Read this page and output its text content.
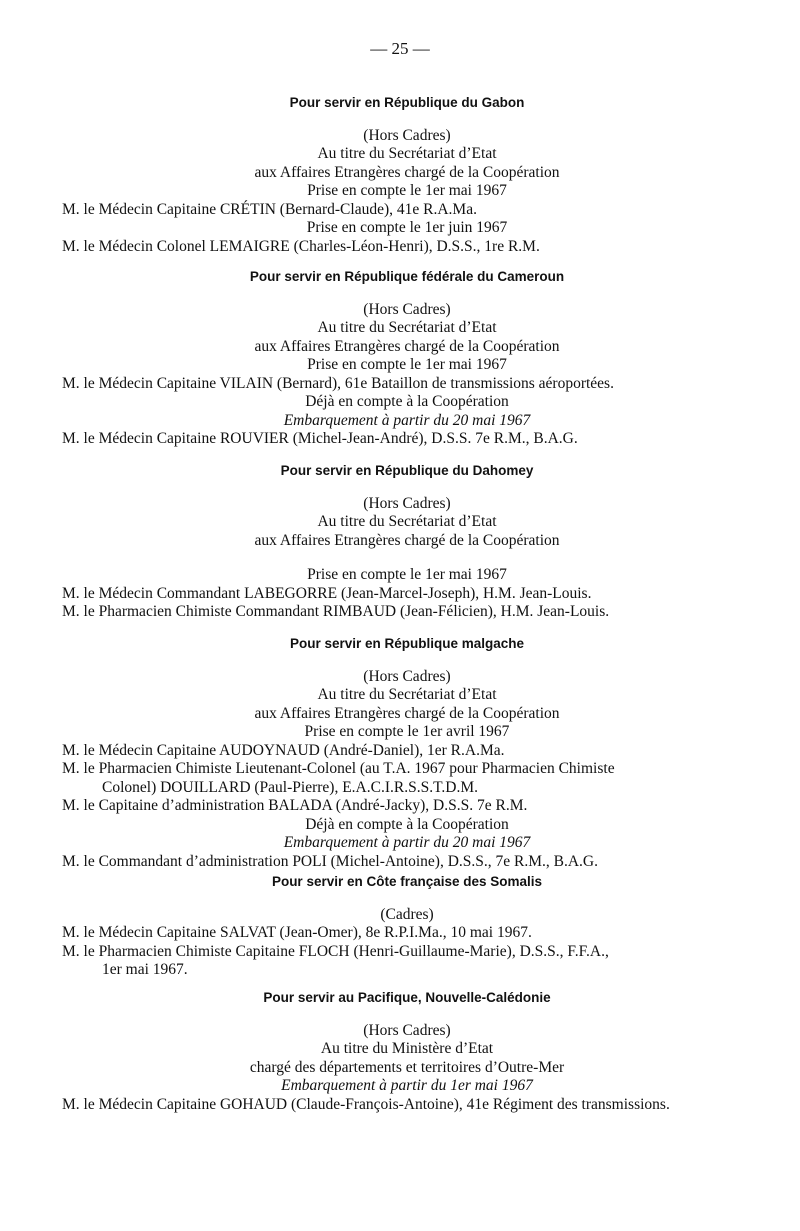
— 25 —
Pour servir en République du Gabon
(Hors Cadres)
Au titre du Secrétariat d’Etat
aux Affaires Etrangères chargé de la Coopération
Prise en compte le 1er mai 1967
M. le Médecin Capitaine CRÉTIN (Bernard-Claude), 41e R.A.Ma.
Prise en compte le 1er juin 1967
M. le Médecin Colonel LEMAIGRE (Charles-Léon-Henri), D.S.S., 1re R.M.
Pour servir en République fédérale du Cameroun
(Hors Cadres)
Au titre du Secrétariat d’Etat
aux Affaires Etrangères chargé de la Coopération
Prise en compte le 1er mai 1967
M. le Médecin Capitaine VILAIN (Bernard), 61e Bataillon de transmissions aéroportées.
Déjà en compte à la Coopération
Embarquement à partir du 20 mai 1967
M. le Médecin Capitaine ROUVIER (Michel-Jean-André), D.S.S. 7e R.M., B.A.G.
Pour servir en République du Dahomey
(Hors Cadres)
Au titre du Secrétariat d’Etat
aux Affaires Etrangères chargé de la Coopération
Prise en compte le 1er mai 1967
M. le Médecin Commandant LABEGORRE (Jean-Marcel-Joseph), H.M. Jean-Louis.
M. le Pharmacien Chimiste Commandant RIMBAUD (Jean-Félicien), H.M. Jean-Louis.
Pour servir en République malgache
(Hors Cadres)
Au titre du Secrétariat d’Etat
aux Affaires Etrangères chargé de la Coopération
Prise en compte le 1er avril 1967
M. le Médecin Capitaine AUDOYNAUD (André-Daniel), 1er R.A.Ma.
M. le Pharmacien Chimiste Lieutenant-Colonel (au T.A. 1967 pour Pharmacien Chimiste
Colonel) DOUILLARD (Paul-Pierre), E.A.C.I.R.S.S.T.D.M.
M. le Capitaine d’administration BALADA (André-Jacky), D.S.S. 7e R.M.
Déjà en compte à la Coopération
Embarquement à partir du 20 mai 1967
M. le Commandant d’administration POLI (Michel-Antoine), D.S.S., 7e R.M., B.A.G.
Pour servir en Côte française des Somalis
(Cadres)
M. le Médecin Capitaine SALVAT (Jean-Omer), 8e R.P.I.Ma., 10 mai 1967.
M. le Pharmacien Chimiste Capitaine FLOCH (Henri-Guillaume-Marie), D.S.S., F.F.A.,
1er mai 1967.
Pour servir au Pacifique, Nouvelle-Calédonie
(Hors Cadres)
Au titre du Ministère d’Etat
chargé des départements et territoires d’Outre-Mer
Embarquement à partir du 1er mai 1967
M. le Médecin Capitaine GOHAUD (Claude-François-Antoine), 41e Régiment des transmissions.
